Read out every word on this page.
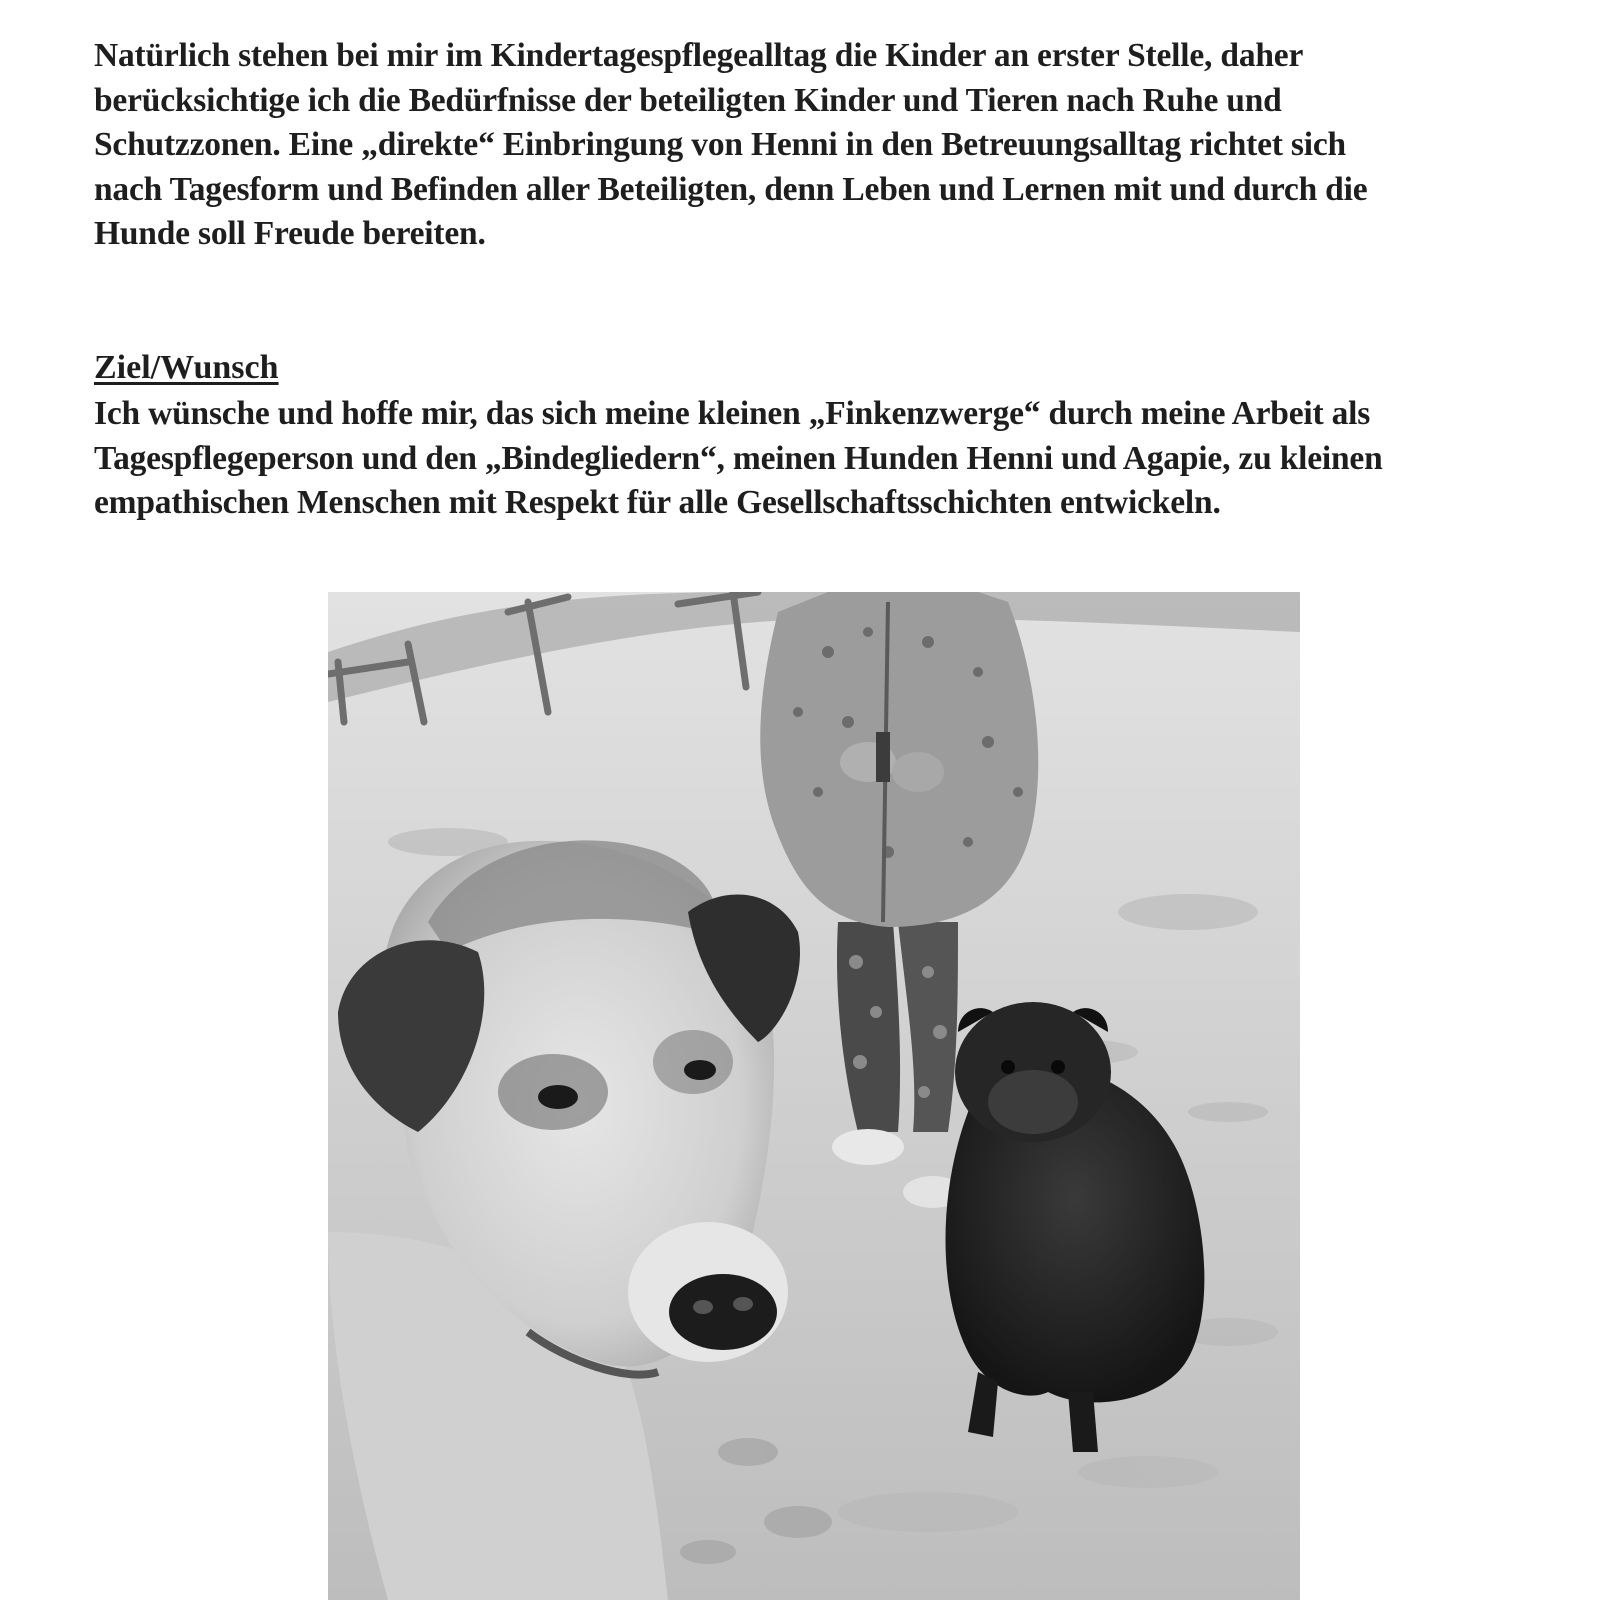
Natürlich stehen bei mir im Kindertagespflegealltag die Kinder an erster Stelle, daher
berücksichtige ich die Bedürfnisse der beteiligten Kinder und Tieren nach Ruhe und
Schutzzonen. Eine „direkte“ Einbringung von Henni in den Betreuungsalltag richtet sich
nach Tagesform und Befinden aller Beteiligten, denn Leben und Lernen mit und durch die
Hunde soll Freude bereiten.

Ziel/Wunsch

Ich wünsche und hoffe mir, das sich meine kleinen „Finkenzwerge“ durch meine Arbeit als
Tagespflegeperson und den „Bindegliedern“, meinen Hunden Henni und Agapie, zu kleinen
empathischen Menschen mit Respekt für alle Gesellschaftsschichten entwickeln.
